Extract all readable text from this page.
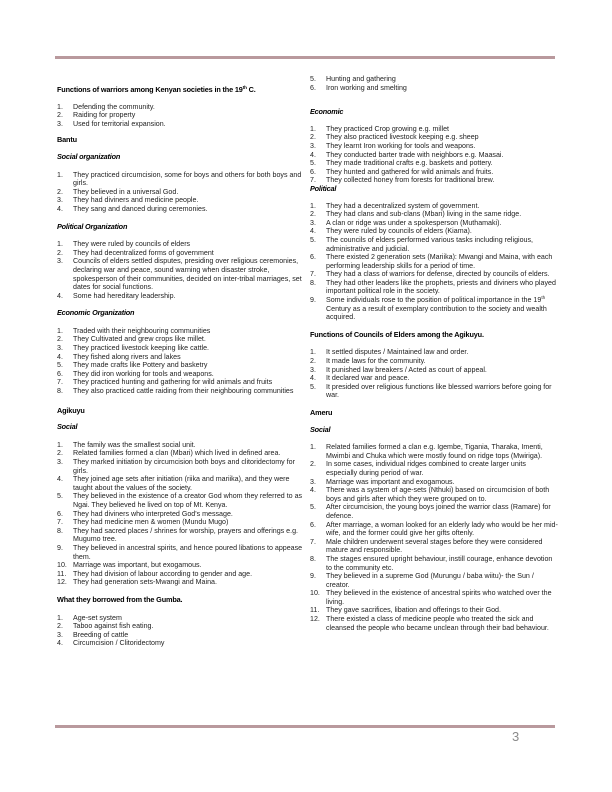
Functions of warriors among Kenyan societies in the 19th C.

1.	Defending the community.
2.	Raiding for property
3.	Used for territorial expansion.

Bantu

Social organization

1.	They practiced circumcision, some for boys and others for both boys and girls.
2.	They believed in a universal God.
3.	They had diviners and medicine people.
4.	They sang and danced during ceremonies.

Political Organization

1.	They were ruled by councils of elders
2.	They had decentralized forms of government
3.	Councils of elders settled disputes, presiding over religious ceremonies, declaring war and peace, sound warning when disaster stroke, spokesperson of their communities, decided on inter-tribal marriages, set dates for social functions.
4.	Some had hereditary leadership.

Economic Organization

1.	Traded with their neighbouring communities
2.	They Cultivated and grew crops like millet.
3.	They practiced livestock keeping like cattle.
4.	They fished along rivers and lakes
5.	They made crafts like Pottery and basketry
6.	They did iron working for tools and weapons.
7.	They practiced hunting and gathering for wild animals and fruits
8.	They also practiced cattle raiding from their neighbouring communities

Agikuyu

Social

1.	The family was the smallest social unit.
2.	Related families formed a clan (Mbari) which lived in defined area.
3.	They marked initiation by circumcision both boys and clitoridectomy for girls.
4.	They joined age sets after initiation (riika and mariika), and they were taught about the values of the society.
5.	They believed in the existence of a creator God whom they referred to as Ngai. They believed he lived on top of Mt. Kenya.
6.	They had diviners who interpreted God's message.
7.	They had medicine men & women (Mundu Mugo)
8.	They had sacred places / shrines for worship, prayers and offerings e.g. Mugumo tree.
9.	They believed in ancestral spirits, and hence poured libations to appease them.
10. Marriage was important, but exogamous.
11. They had division of labour according to gender and age.
12. They had generation sets-Mwangi and Maina.

What they borrowed from the Gumba.

1.	Age-set system
2.	Taboo against fish eating.
3.	Breeding of cattle
4.	Circumcision / Clitoridectomy
5.	Hunting and gathering
6.	Iron working and smelting

Economic

1.	They practiced Crop growing e.g. millet
2.	They also practiced livestock keeping e.g. sheep
3.	They learnt Iron working for tools and weapons.
4.	They conducted barter trade with neighbors e.g. Maasai.
5.	They made traditional crafts e.g. baskets and pottery.
6.	They hunted and gathered for wild animals and fruits.
7.	They collected honey from forests for traditional brew.

Political

1.	They had a decentralized system of government.
2.	They had clans and sub-clans (Mbari) living in the same ridge.
3.	A clan or ridge was under a spokesperson (Muthamaki).
4.	They were ruled by councils of elders (Kiama).
5.	The councils of elders performed various tasks including religious, administrative and judicial.
6.	There existed 2 generation sets (Mariika): Mwangi and Maina, with each performing leadership skills for a period of time.
7.	They had a class of warriors for defense, directed by councils of elders.
8.	They had other leaders like the prophets, priests and diviners who played important political role in the society.
9.	Some individuals rose to the position of political importance in the 19th Century as a result of exemplary contribution to the society and wealth acquired.

Functions of Councils of Elders among the Agikuyu.

1.	It settled disputes / Maintained law and order.
2.	It made laws for the community.
3.	It punished law breakers / Acted as court of appeal.
4.	It declared war and peace.
5.	It presided over religious functions like blessed warriors before going for war.

Ameru

Social

1.	Related families formed a clan e.g. Igembe, Tigania, Tharaka, Imenti, Mwimbi and Chuka which were mostly found on ridge tops (Mwiriga).
2.	In some cases, individual ridges combined to create larger units especially during period of war.
3.	Marriage was important and exogamous.
4.	There was a system of age-sets (Nthuki) based on circumcision of both boys and girls after which they were grouped on to.
5.	After circumcision, the young boys joined the warrior class (Ramare) for defence.
6.	After marriage, a woman looked for an elderly lady who would be her mid-wife, and the former could give her gifts oftenly.
7.	Male children underwent several stages before they were considered mature and responsible.
8.	The stages ensured upright behaviour, instill courage, enhance devotion to the community etc.
9.	They believed in a supreme God (Murungu / baba wiitu)- the Sun / creator.
10. They believed in the existence of ancestral spirits who watched over the living.
11. They gave sacrifices, libation and offerings to their God.
12. There existed a class of medicine people who treated the sick and cleansed the people who became unclean through their bad behaviour.
3
